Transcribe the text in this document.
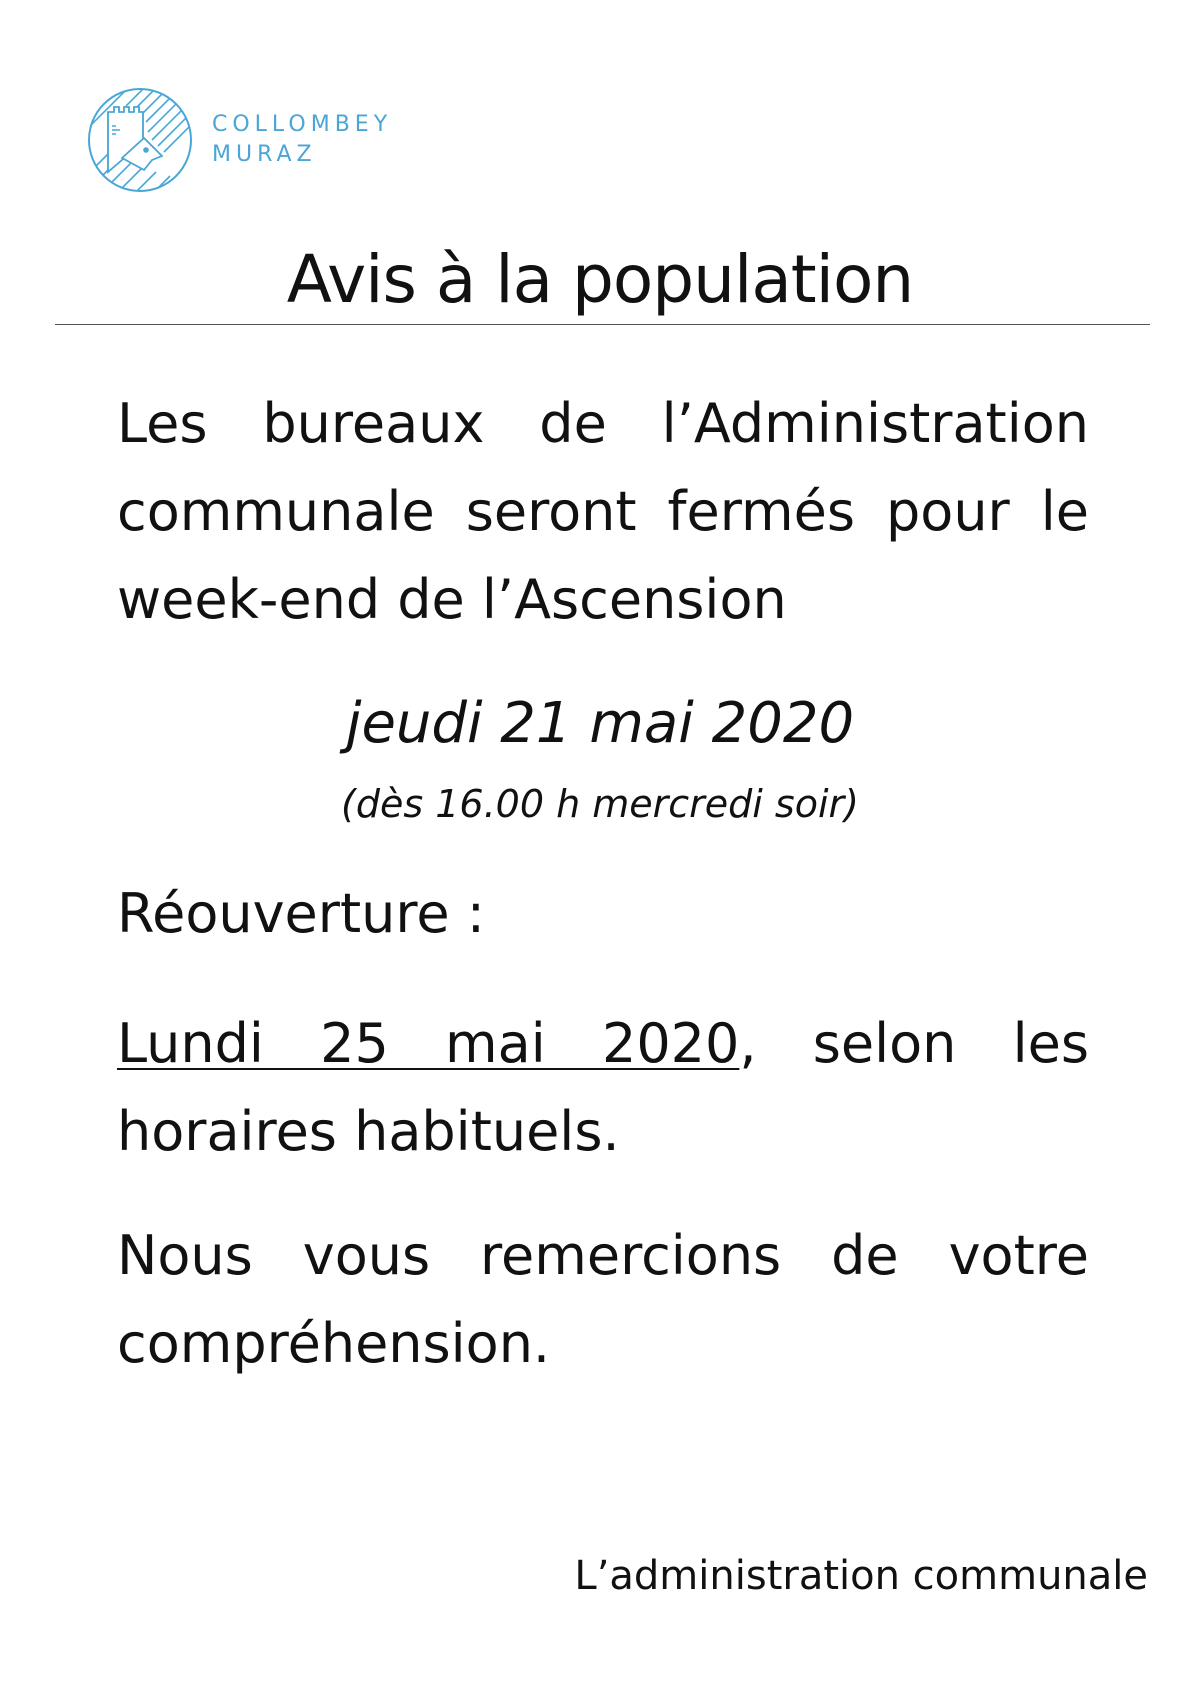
COLLOMBEY
MURAZ
Avis à la population

Les bureaux de l’Administration communale seront fermés pour le week-end de l’Ascension

jeudi 21 mai 2020

(dès 16.00 h mercredi soir)

Réouverture :

Lundi 25 mai 2020, selon les horaires habituels.

Nous vous remercions de votre compréhension.

L’administration communale
